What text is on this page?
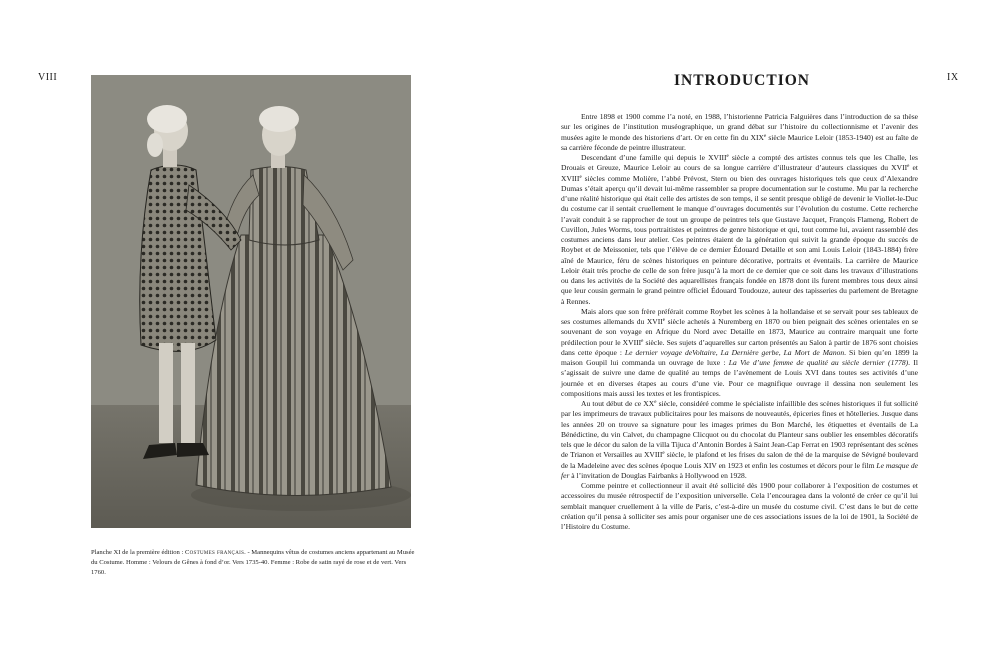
VIII	IX
Planche XI de la première édition : Costumes français. - Mannequins vêtus de costumes anciens appartenant au Musée du Costume. Homme : Velours de Gênes à fond d’or. Vers 1735-40. Femme : Robe de satin rayé de rose et de vert. Vers 1760.
INTRODUCTION

Entre 1898 et 1900 comme l’a noté, en 1988, l’historienne Patricia Falguières dans l’introduction de sa thèse sur les origines de l’institution muséographique, un grand débat sur l’histoire du collectionnisme et l’avenir des musées agite le monde des historiens d’art. Or en cette fin du XIXe siècle Maurice Leloir (1853-1940) est au faîte de sa carrière féconde de peintre illustrateur.

Descendant d’une famille qui depuis le XVIIIe siècle a compté des artistes connus tels que les Challe, les Drouais et Greuze, Maurice Leloir au cours de sa longue carrière d’illustrateur d’auteurs classiques du XVIIe et XVIIIe siècles comme Molière, l’abbé Prévost, Stern ou bien des ouvrages historiques tels que ceux d’Alexandre Dumas s’était aperçu qu’il devait lui-même rassembler sa propre documentation sur le costume. Mu par la recherche d’une réalité historique qui était celle des artistes de son temps, il se sentit presque obligé de devenir le Viollet-le-Duc du costume car il sentait cruellement le manque d’ouvrages documentés sur l’évolution du costume. Cette recherche l’avait conduit à se rapprocher de tout un groupe de peintres tels que Gustave Jacquet, François Flameng, Robert de Cuvillon, Jules Worms, tous portraitistes et peintres de genre historique et qui, tout comme lui, avaient rassemblé des costumes anciens dans leur atelier. Ces peintres étaient de la génération qui suivit la grande époque du succès de Roybet et de Meissonier, tels que l’élève de ce dernier Édouard Detaille et son ami Louis Leloir (1843-1884) frère aîné de Maurice, féru de scènes historiques en peinture décorative, portraits et éventails. La carrière de Maurice Leloir était très proche de celle de son frère jusqu’à la mort de ce dernier que ce soit dans les travaux d’illustrations ou dans les activités de la Société des aquarellistes français fondée en 1878 dont ils furent membres tous deux ainsi que leur cousin germain le grand peintre officiel Édouard Toudouze, auteur des tapisseries du parlement de Bretagne à Rennes.

Mais alors que son frère préférait comme Roybet les scènes à la hollandaise et se servait pour ses tableaux de ses costumes allemands du XVIIe siècle achetés à Nuremberg en 1870 ou bien peignait des scènes orientales en se souvenant de son voyage en Afrique du Nord avec Detaille en 1873, Maurice au contraire marquait une forte prédilection pour le XVIIIe siècle. Ses sujets d’aquarelles sur carton présentés au Salon à partir de 1876 sont choisies dans cette époque : Le dernier voyage deVoltaire, La Dernière gerbe, La Mort de Manon. Si bien qu’en 1899 la maison Goupil lui commanda un ouvrage de luxe : La Vie d’une femme de qualité au siècle dernier (1778). Il s’agissait de suivre une dame de qualité au temps de l’avènement de Louis XVI dans toutes ses activités d’une journée et en diverses étapes au cours d’une vie. Pour ce magnifique ouvrage il dessina non seulement les compositions mais aussi les textes et les frontispices.

Au tout début de ce XXe siècle, considéré comme le spécialiste infaillible des scènes historiques il fut sollicité par les imprimeurs de travaux publicitaires pour les maisons de nouveautés, épiceries fines et hôtelleries. Jusque dans les années 20 on trouve sa signature pour les images primes du Bon Marché, les étiquettes et éventails de La Bénédictine, du vin Calvet, du champagne Clicquot ou du chocolat du Planteur sans oublier les ensembles décoratifs tels que le décor du salon de la villa Tijuca d’Antonin Bordes à Saint Jean-Cap Ferrat en 1903 représentant des scènes de Trianon et Versailles au XVIIIe siècle, le plafond et les frises du salon de thé de la marquise de Sévigné boulevard de la Madeleine avec des scènes époque Louis XIV en 1923 et enfin les costumes et décors pour le film Le masque de fer à l’invitation de Douglas Fairbanks à Hollywood en 1928.

Comme peintre et collectionneur il avait été sollicité dès 1900 pour collaborer à l’exposition de costumes et accessoires du musée rétrospectif de l’exposition universelle. Cela l’encouragea dans la volonté de créer ce qu’il lui semblait manquer cruellement à la ville de Paris, c’est-à-dire un musée du costume civil. C’est dans le but de cette création qu’il pensa à solliciter ses amis pour organiser une de ces associations issues de la loi de 1901, la Société de l’Histoire du Costume.
